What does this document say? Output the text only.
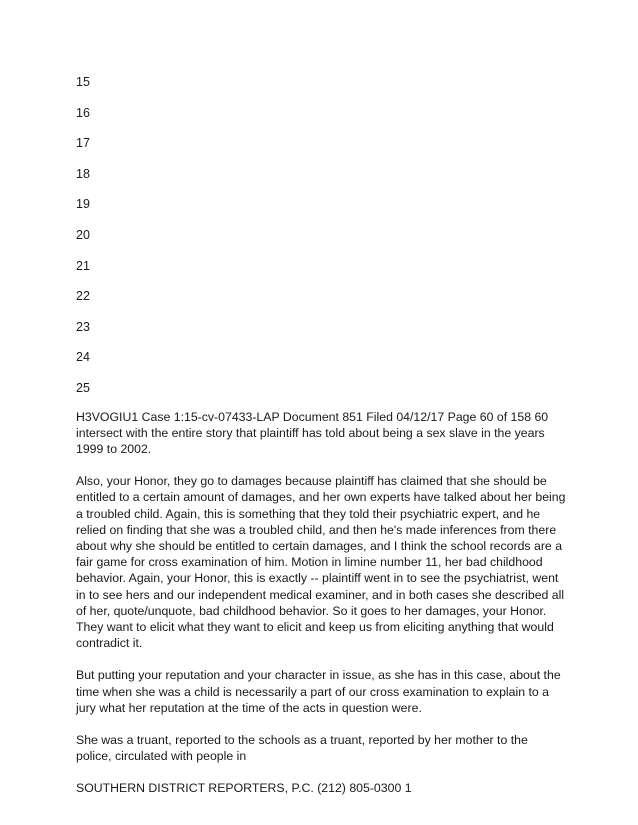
15
16
17
18
19
20
21
22
23
24
25

H3VOGIU1 Case 1:15-cv-07433-LAP Document 851 Filed 04/12/17 Page 60 of 158 60 intersect with the entire story that plaintiff has told about being a sex slave in the years 1999 to 2002.

Also, your Honor, they go to damages because plaintiff has claimed that she should be entitled to a certain amount of damages, and her own experts have talked about her being a troubled child. Again, this is something that they told their psychiatric expert, and he relied on finding that she was a troubled child, and then he's made inferences from there about why she should be entitled to certain damages, and I think the school records are a fair game for cross examination of him. Motion in limine number 11, her bad childhood behavior. Again, your Honor, this is exactly -- plaintiff went in to see the psychiatrist, went in to see hers and our independent medical examiner, and in both cases she described all of her, quote/unquote, bad childhood behavior. So it goes to her damages, your Honor. They want to elicit what they want to elicit and keep us from eliciting anything that would contradict it.

But putting your reputation and your character in issue, as she has in this case, about the time when she was a child is necessarily a part of our cross examination to explain to a jury what her reputation at the time of the acts in question were.

She was a truant, reported to the schools as a truant, reported by her mother to the police, circulated with people in

SOUTHERN DISTRICT REPORTERS, P.C. (212) 805-0300 1
